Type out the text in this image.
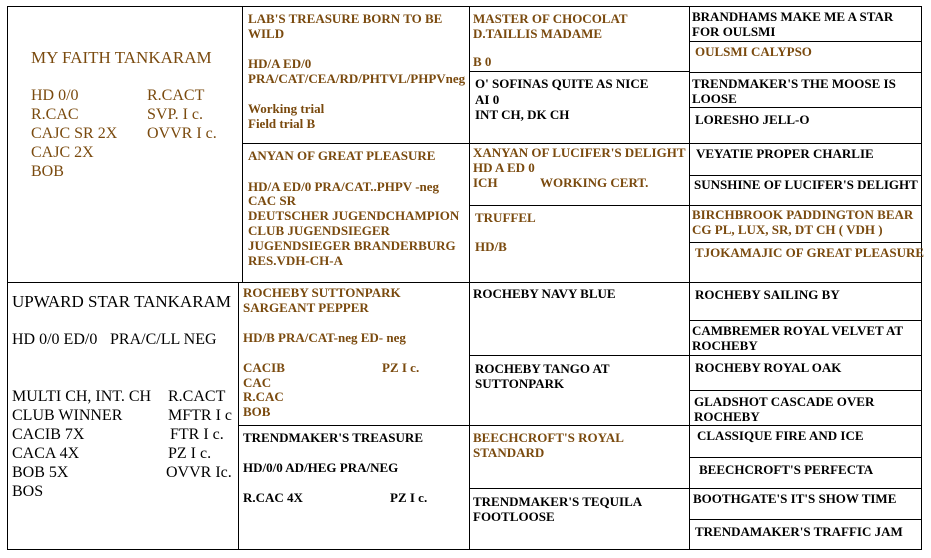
MY FAITH TANKARAM
HD 0/0
R.CAC
CAJC SR 2X
CAJC 2X
BOB
R.CACT
SVP. I c.
OVVR I c.
UPWARD STAR TANKARAM
HD 0/0 ED/0 PRA/C/LL NEG
MULTI CH, INT. CH
CLUB WINNER
CACIB 7X
CACA 4X
BOB 5X
BOS
R.CACT
MFTR I c
FTR I c.
PZ I c.
OVVR Ic.
LAB'S TREASURE BORN TO BE WILD
HD/A ED/0
PRA/CAT/CEA/RD/PHTVL/PHPVneg
Working trial
Field trial B
ANYAN OF GREAT PLEASURE
HD/A ED/0 PRA/CAT..PHPV -neg
CAC SR
DEUTSCHER JUGENDCHAMPION
CLUB JUGENDSIEGER
JUGENDSIEGER BRANDERBURG
RES.VDH-CH-A
ROCHEBY SUTTONPARK SARGEANT PEPPER
HD/B PRA/CAT-neg ED- neg
CACIB
CAC
R.CAC
BOB
PZ I c.
TRENDMAKER'S TREASURE
HD/0/0 AD/HEG PRA/NEG
R.CAC 4X	PZ I c.
MASTER OF CHOCOLAT D.TAILLIS MADAME
B 0
O' SOFINAS QUITE AS NICE
AI 0
INT CH, DK CH
XANYAN OF LUCIFER'S DELIGHT
HD A ED 0
ICH	WORKING CERT.
TRUFFEL
HD/B
ROCHEBY NAVY BLUE
ROCHEBY TANGO AT SUTTONPARK
BEECHCROFT'S ROYAL STANDARD
TRENDMAKER'S TEQUILA FOOTLOOSE
BRANDHAMS MAKE ME A STAR FOR OULSMI
OULSMI CALYPSO
TRENDMAKER'S THE MOOSE IS LOOSE
LORESHO JELL-O
VEYATIE PROPER CHARLIE
SUNSHINE OF LUCIFER'S DELIGHT
BIRCHBROOK PADDINGTON BEAR
CG PL, LUX, SR, DT CH ( VDH )
TJOKAMAJIC OF GREAT PLEASURE
ROCHEBY SAILING BY
CAMBREMER ROYAL VELVET AT ROCHEBY
ROCHEBY ROYAL OAK
GLADSHOT CASCADE OVER ROCHEBY
CLASSIQUE FIRE AND ICE
BEECHCROFT'S PERFECTA
BOOTHGATE'S IT'S SHOW TIME
TRENDAMAKER'S TRAFFIC JAM
